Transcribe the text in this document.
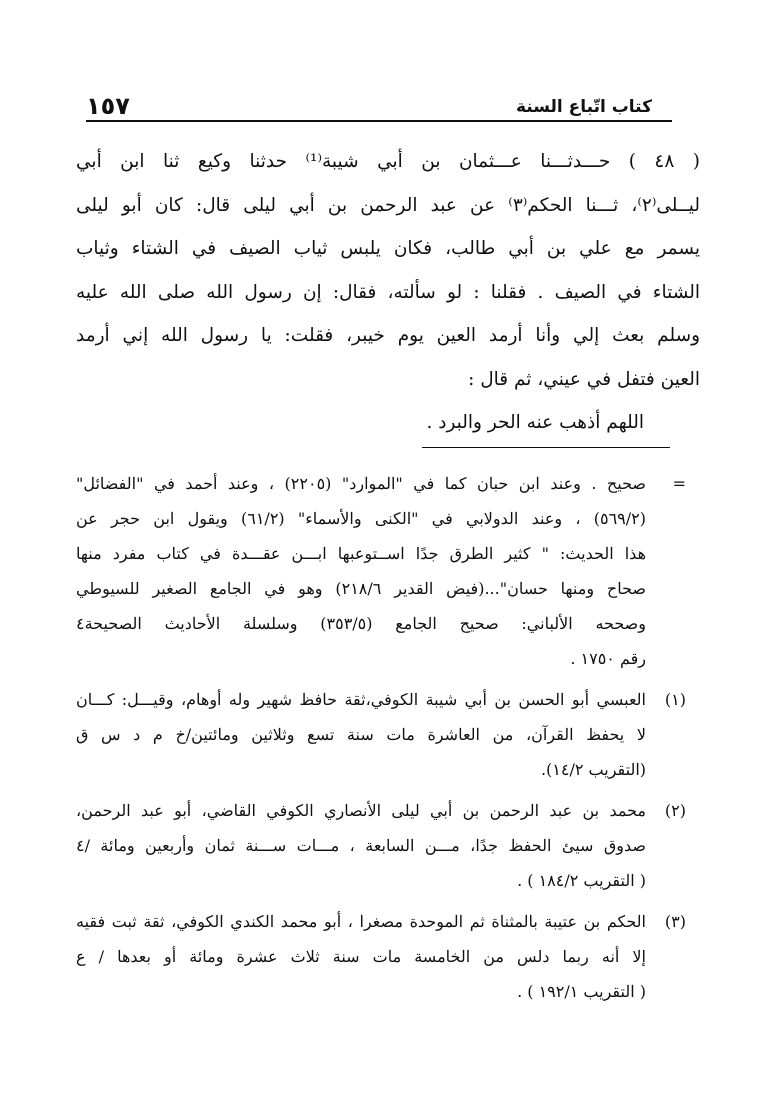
كتاب اتّباع السنة
١٥٧

( ٤٨ ) حـــدثـــنا عـــثمان بن أبي شيبة⁽¹⁾ حدثنا وكيع ثنا ابن أبي

ليــلى⁽٢⁾، ثـــنا الحكم⁽٣⁾ عن عبد الرحمن بن أبي ليلى قال: كان أبو ليلى

يسمر مع علي بن أبي طالب، فكان يلبس ثياب الصيف في الشتاء وثياب

الشتاء في الصيف . فقلنا : لو سألته، فقال: إن رسول الله صلى الله عليه

وسلم بعث إلي وأنا أرمد العين يوم خيبر، فقلت: يا رسول الله إني أرمد

العين فتفل في عيني، ثم قال :

اللهم أذهب عنه الحر والبرد .

=

صحيح . وعند ابن حبان كما في "الموارد" (٢٢٠٥) ، وعند أحمد في "الفضائل"

(٥٦٩/٢) ، وعند الدولابي في "الكنى والأسماء" (٦١/٢) ويقول ابن حجر عن

هذا الحديث: " كثير الطرق جدًا اســتوعبها ابـــن عقـــدة في كتاب مفرد منها

صحاح ومنها حسان"...(فيض القدير ٢١٨/٦) وهو في الجامع الصغير للسيوطي

وصححه الألباني: صحيح الجامع (٣٥٣/٥) وسلسلة الأحاديث الصحيحة٤

رقم ١٧٥٠ .

(١)

العبسي أبو الحسن بن أبي شيبة الكوفي،ثقة حافظ شهير وله أوهام، وقيـــل: كـــان

لا يحفظ القرآن، من العاشرة مات سنة تسع وثلاثين ومائتين/خ م د س ق

(التقريب ١٤/٢).

(٢)

محمد بن عبد الرحمن بن أبي ليلى الأنصاري الكوفي القاضي، أبو عبد الرحمن،

صدوق سيئ الحفظ جدًا، مـــن السابعة ، مـــات ســـنة ثمان وأربعين ومائة /٤

( التقريب ١٨٤/٢ ) .

(٣)

الحكم بن عتيبة بالمثناة ثم الموحدة مصغرا ، أبو محمد الكندي الكوفي، ثقة ثبت فقيه

إلا أنه ربما دلس من الخامسة مات سنة ثلاث عشرة ومائة أو بعدها / ع

( التقريب ١٩٢/١ ) .
